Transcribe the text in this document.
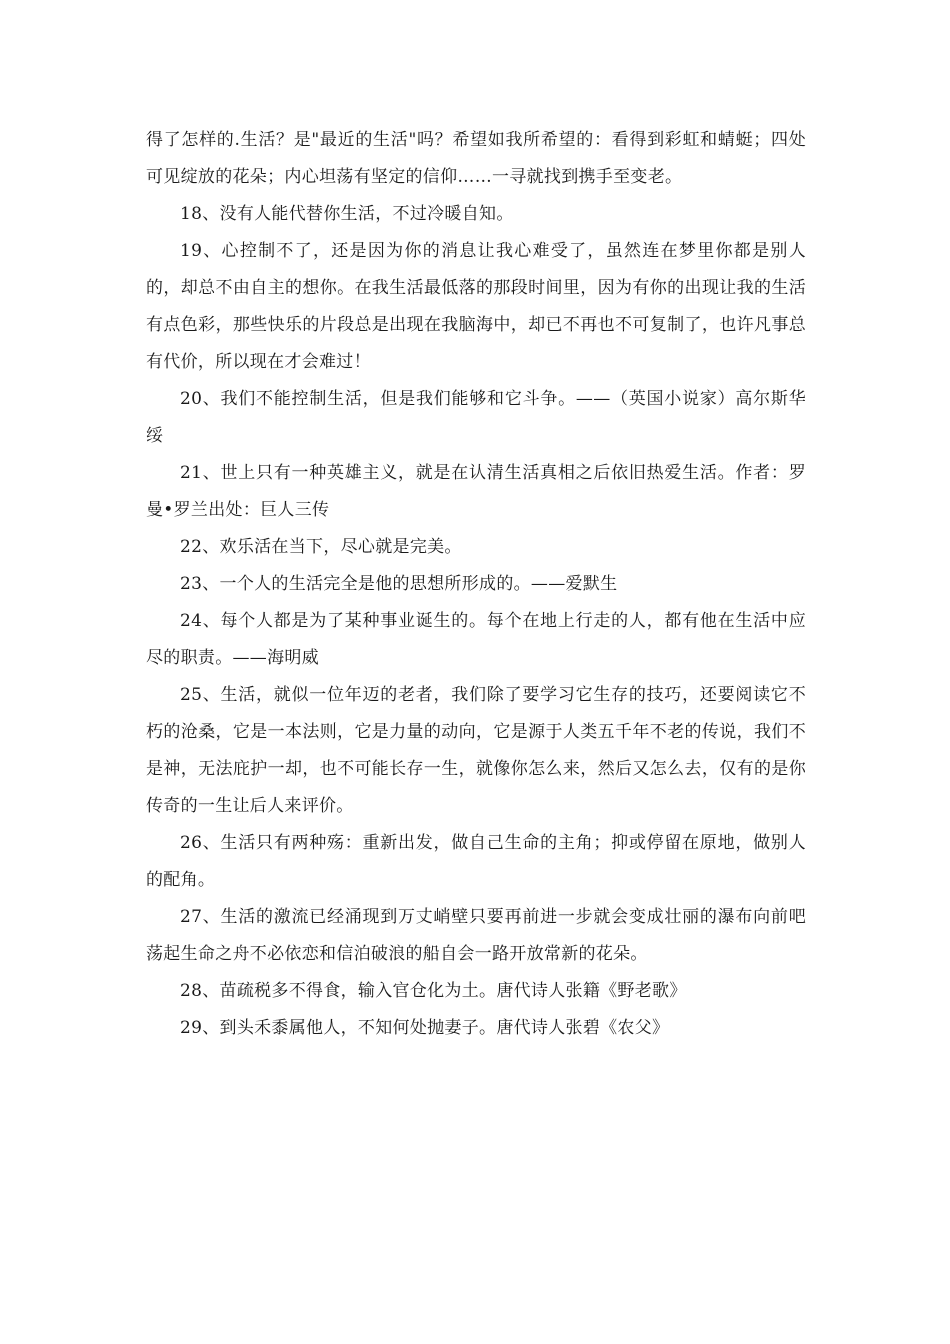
得了怎样的.生活？是"最近的生活"吗？希望如我所希望的：看得到彩虹和蜻蜓；四处可见绽放的花朵；内心坦荡有坚定的信仰……一寻就找到携手至变老。

18、没有人能代替你生活，不过冷暖自知。

19、心控制不了，还是因为你的消息让我心难受了，虽然连在梦里你都是别人的，却总不由自主的想你。在我生活最低落的那段时间里，因为有你的出现让我的生活有点色彩，那些快乐的片段总是出现在我脑海中，却已不再也不可复制了，也许凡事总有代价，所以现在才会难过！

20、我们不能控制生活，但是我们能够和它斗争。——（英国小说家）高尔斯华绥

21、世上只有一种英雄主义，就是在认清生活真相之后依旧热爱生活。作者：罗曼•罗兰出处：巨人三传

22、欢乐活在当下，尽心就是完美。

23、一个人的生活完全是他的思想所形成的。——爱默生

24、每个人都是为了某种事业诞生的。每个在地上行走的人，都有他在生活中应尽的职责。——海明威

25、生活，就似一位年迈的老者，我们除了要学习它生存的技巧，还要阅读它不朽的沧桑，它是一本法则，它是力量的动向，它是源于人类五千年不老的传说，我们不是神，无法庇护一却，也不可能长存一生，就像你怎么来，然后又怎么去，仅有的是你传奇的一生让后人来评价。

26、生活只有两种殇：重新出发，做自己生命的主角；抑或停留在原地，做别人的配角。

27、生活的激流已经涌现到万丈峭壁只要再前进一步就会变成壮丽的瀑布向前吧荡起生命之舟不必依恋和信泊破浪的船自会一路开放常新的花朵。

28、苗疏税多不得食，输入官仓化为土。唐代诗人张籍《野老歌》

29、到头禾黍属他人，不知何处抛妻子。唐代诗人张碧《农父》
